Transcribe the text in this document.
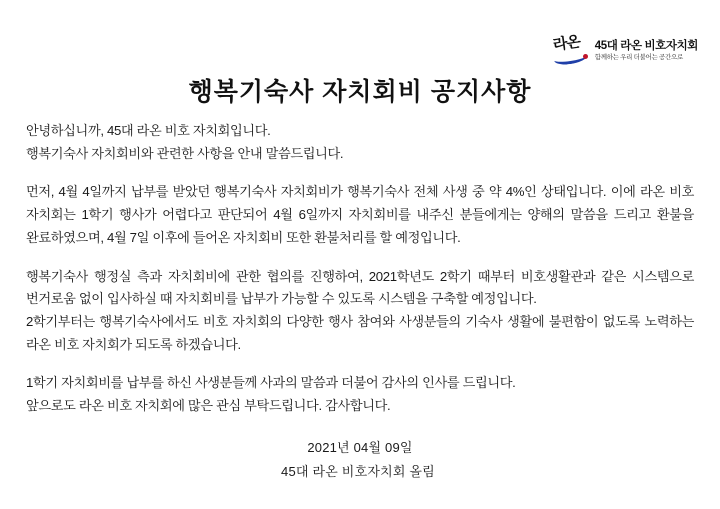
라온 45대 라온 비호자치회
함께하는 우리 더불어는 공간으로
행복기숙사 자치회비 공지사항

안녕하십니까, 45대 라온 비호 자치회입니다.

행복기숙사 자치회비와 관련한 사항을 안내 말씀드립니다.

먼저, 4월 4일까지 납부를 받았던 행복기숙사 자치회비가 행복기숙사 전체 사생 중 약 4%인 상태입니다. 이에 라온 비호 자치회는 1학기 행사가 어렵다고 판단되어 4월 6일까지 자치회비를 내주신 분들에게는 양해의 말씀을 드리고 환불을 완료하였으며, 4월 7일 이후에 들어온 자치회비 또한 환불처리를 할 예정입니다.

행복기숙사 행정실 측과 자치회비에 관한 협의를 진행하여, 2021학년도 2학기 때부터 비호생활관과 같은 시스템으로 번거로움 없이 입사하실 때 자치회비를 납부가 가능할 수 있도록 시스템을 구축할 예정입니다.

2학기부터는 행복기숙사에서도 비호 자치회의 다양한 행사 참여와 사생분들의 기숙사 생활에 불편함이 없도록 노력하는 라온 비호 자치회가 되도록 하겠습니다.

1학기 자치회비를 납부를 하신 사생분들께 사과의 말씀과 더불어 감사의 인사를 드립니다.

앞으로도 라온 비호 자치회에 많은 관심 부탁드립니다. 감사합니다.

2021년 04월 09일
45대 라온 비호자치회 올림
